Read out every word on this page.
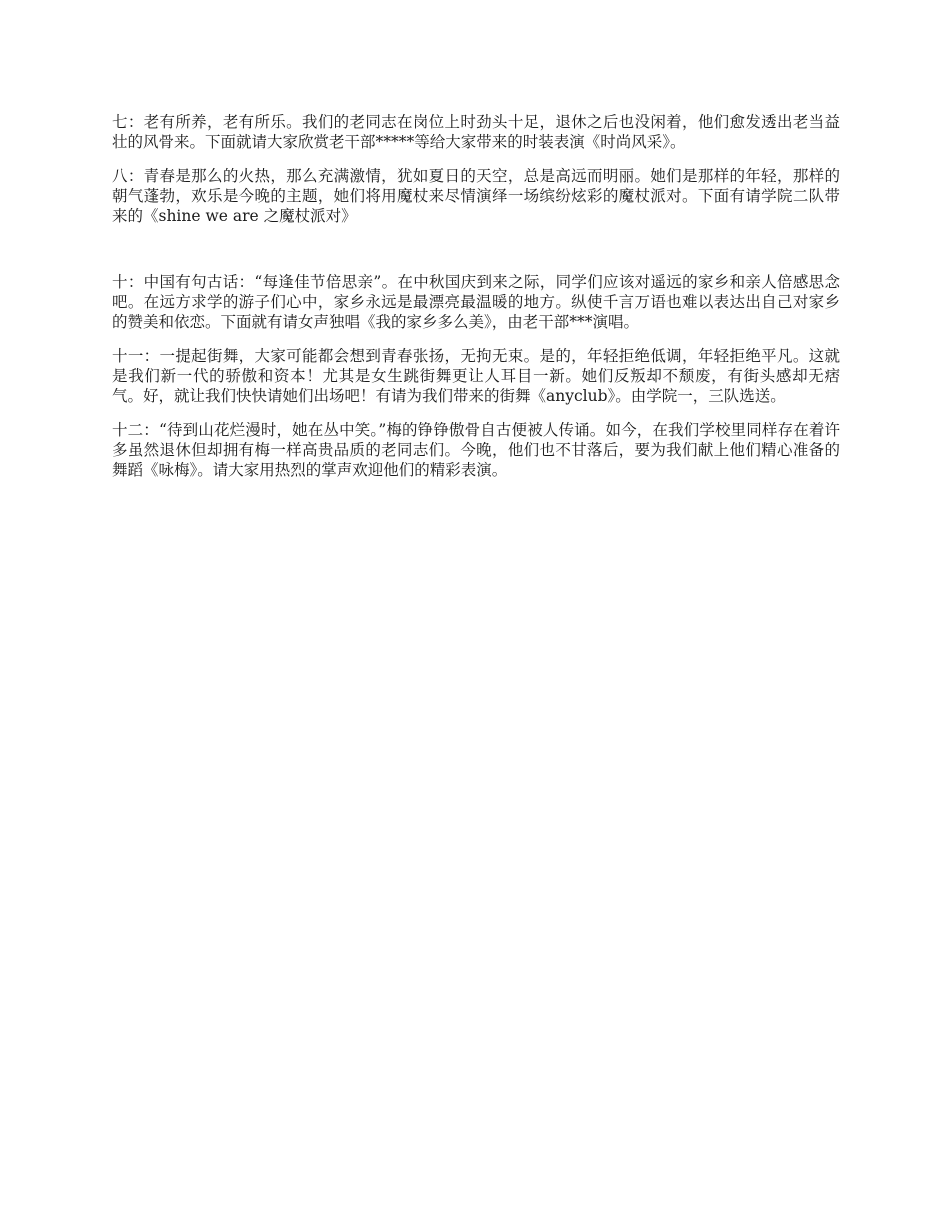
七：老有所养，老有所乐。我们的老同志在岗位上时劲头十足，退休之后也没闲着，他们愈发透出老当益壮的风骨来。下面就请大家欣赏老干部*****等给大家带来的时装表演《时尚风采》。

八：青春是那么的火热，那么充满激情，犹如夏日的天空，总是高远而明丽。她们是那样的年轻，那样的朝气蓬勃，欢乐是今晚的主题，她们将用魔杖来尽情演绎一场缤纷炫彩的魔杖派对。下面有请学院二队带来的《shine we are 之魔杖派对》

十：中国有句古话：“每逢佳节倍思亲”。在中秋国庆到来之际，同学们应该对遥远的家乡和亲人倍感思念吧。在远方求学的游子们心中，家乡永远是最漂亮最温暖的地方。纵使千言万语也难以表达出自己对家乡的赞美和依恋。下面就有请女声独唱《我的家乡多么美》，由老干部***演唱。

十一：一提起街舞，大家可能都会想到青春张扬，无拘无束。是的，年轻拒绝低调，年轻拒绝平凡。这就是我们新一代的骄傲和资本！尤其是女生跳街舞更让人耳目一新。她们反叛却不颓废，有街头感却无痞气。好，就让我们快快请她们出场吧！有请为我们带来的街舞《anyclub》。由学院一，三队选送。

十二：“待到山花烂漫时，她在丛中笑。”梅的铮铮傲骨自古便被人传诵。如今，在我们学校里同样存在着许多虽然退休但却拥有梅一样高贵品质的老同志们。今晚，他们也不甘落后，要为我们献上他们精心准备的舞蹈《咏梅》。请大家用热烈的掌声欢迎他们的精彩表演。
